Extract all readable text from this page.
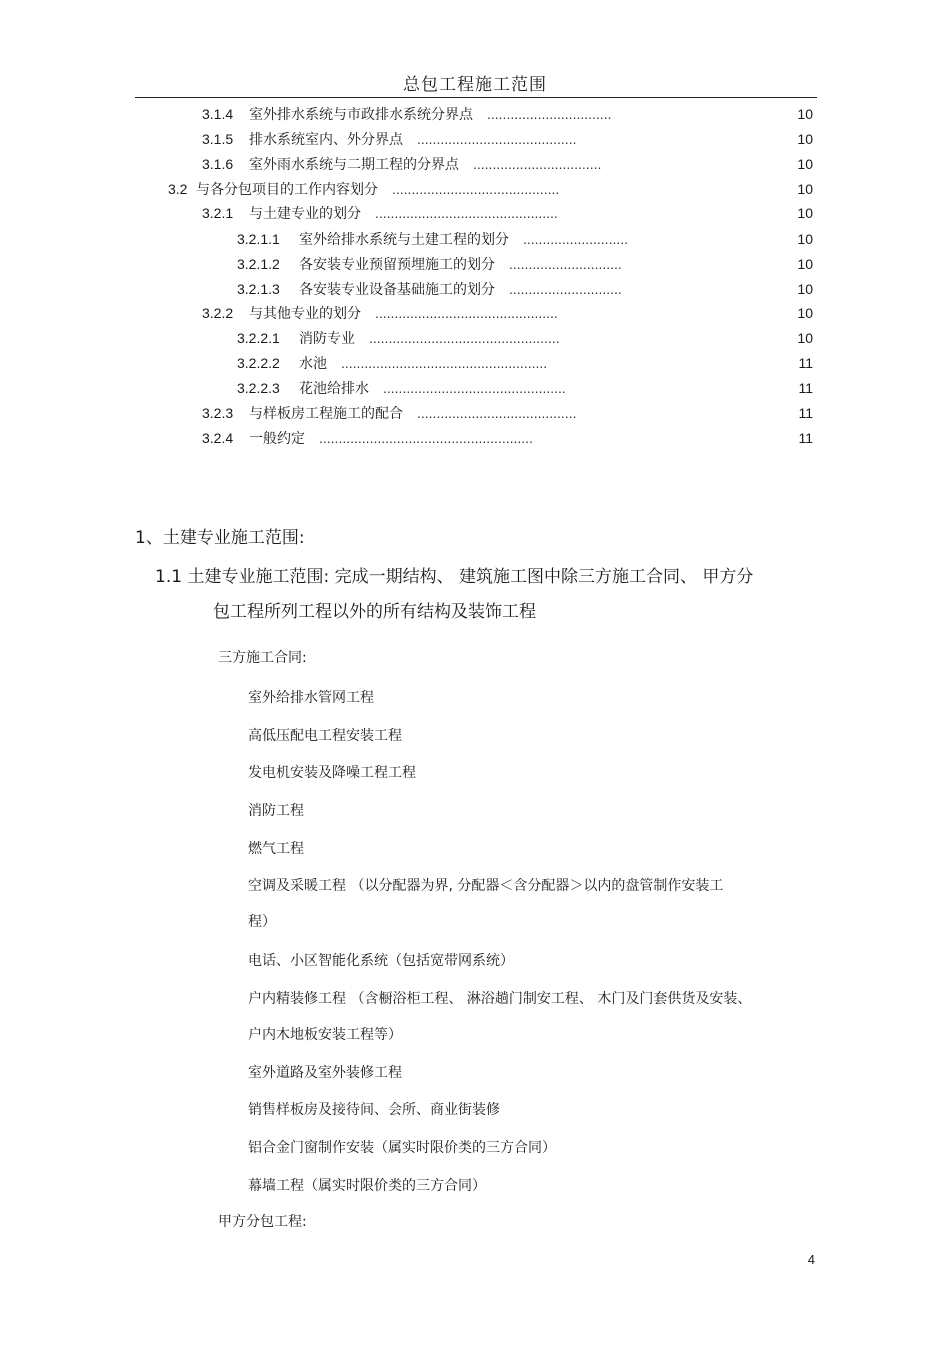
总包工程施工范围
3.1.4 室外排水系统与市政排水系统分界点 ................................	10
3.1.5 排水系统室内、外分界点 .........................................	10
3.1.6 室外雨水系统与二期工程的分界点 .................................	10
3.2 与各分包项目的工作内容划分 ...........................................	10
3.2.1 与土建专业的划分 ...............................................	10
3.2.1.1 室外给排水系统与土建工程的划分 ...........................	10
3.2.1.2 各安装专业预留预埋施工的划分 .............................	10
3.2.1.3 各安装专业设备基础施工的划分 .............................	10
3.2.2 与其他专业的划分 ...............................................	10
3.2.2.1 消防专业 .................................................	10
3.2.2.2 水池 .....................................................	11
3.2.2.3 花池给排水 ...............................................	11
3.2.3 与样板房工程施工的配合 .........................................	11
3.2.4 一般约定 .......................................................	11
1、土建专业施工范围:
1.1 土建专业施工范围: 完成一期结构、 建筑施工图中除三方施工合同、 甲方分
包工程所列工程以外的所有结构及装饰工程
三方施工合同:
室外给排水管网工程
高低压配电工程安装工程
发电机安装及降噪工程工程
消防工程
燃气工程
空调及采暖工程 （以分配器为界, 分配器＜含分配器＞以内的盘管制作安装工
程）
电话、小区智能化系统（包括宽带网系统）
户内精装修工程 （含橱浴柜工程、 淋浴趟门制安工程、 木门及门套供货及安装、
户内木地板安装工程等）
室外道路及室外装修工程
销售样板房及接待间、会所、商业街装修
铝合金门窗制作安装（属实时限价类的三方合同）
幕墙工程（属实时限价类的三方合同）
甲方分包工程:
4
